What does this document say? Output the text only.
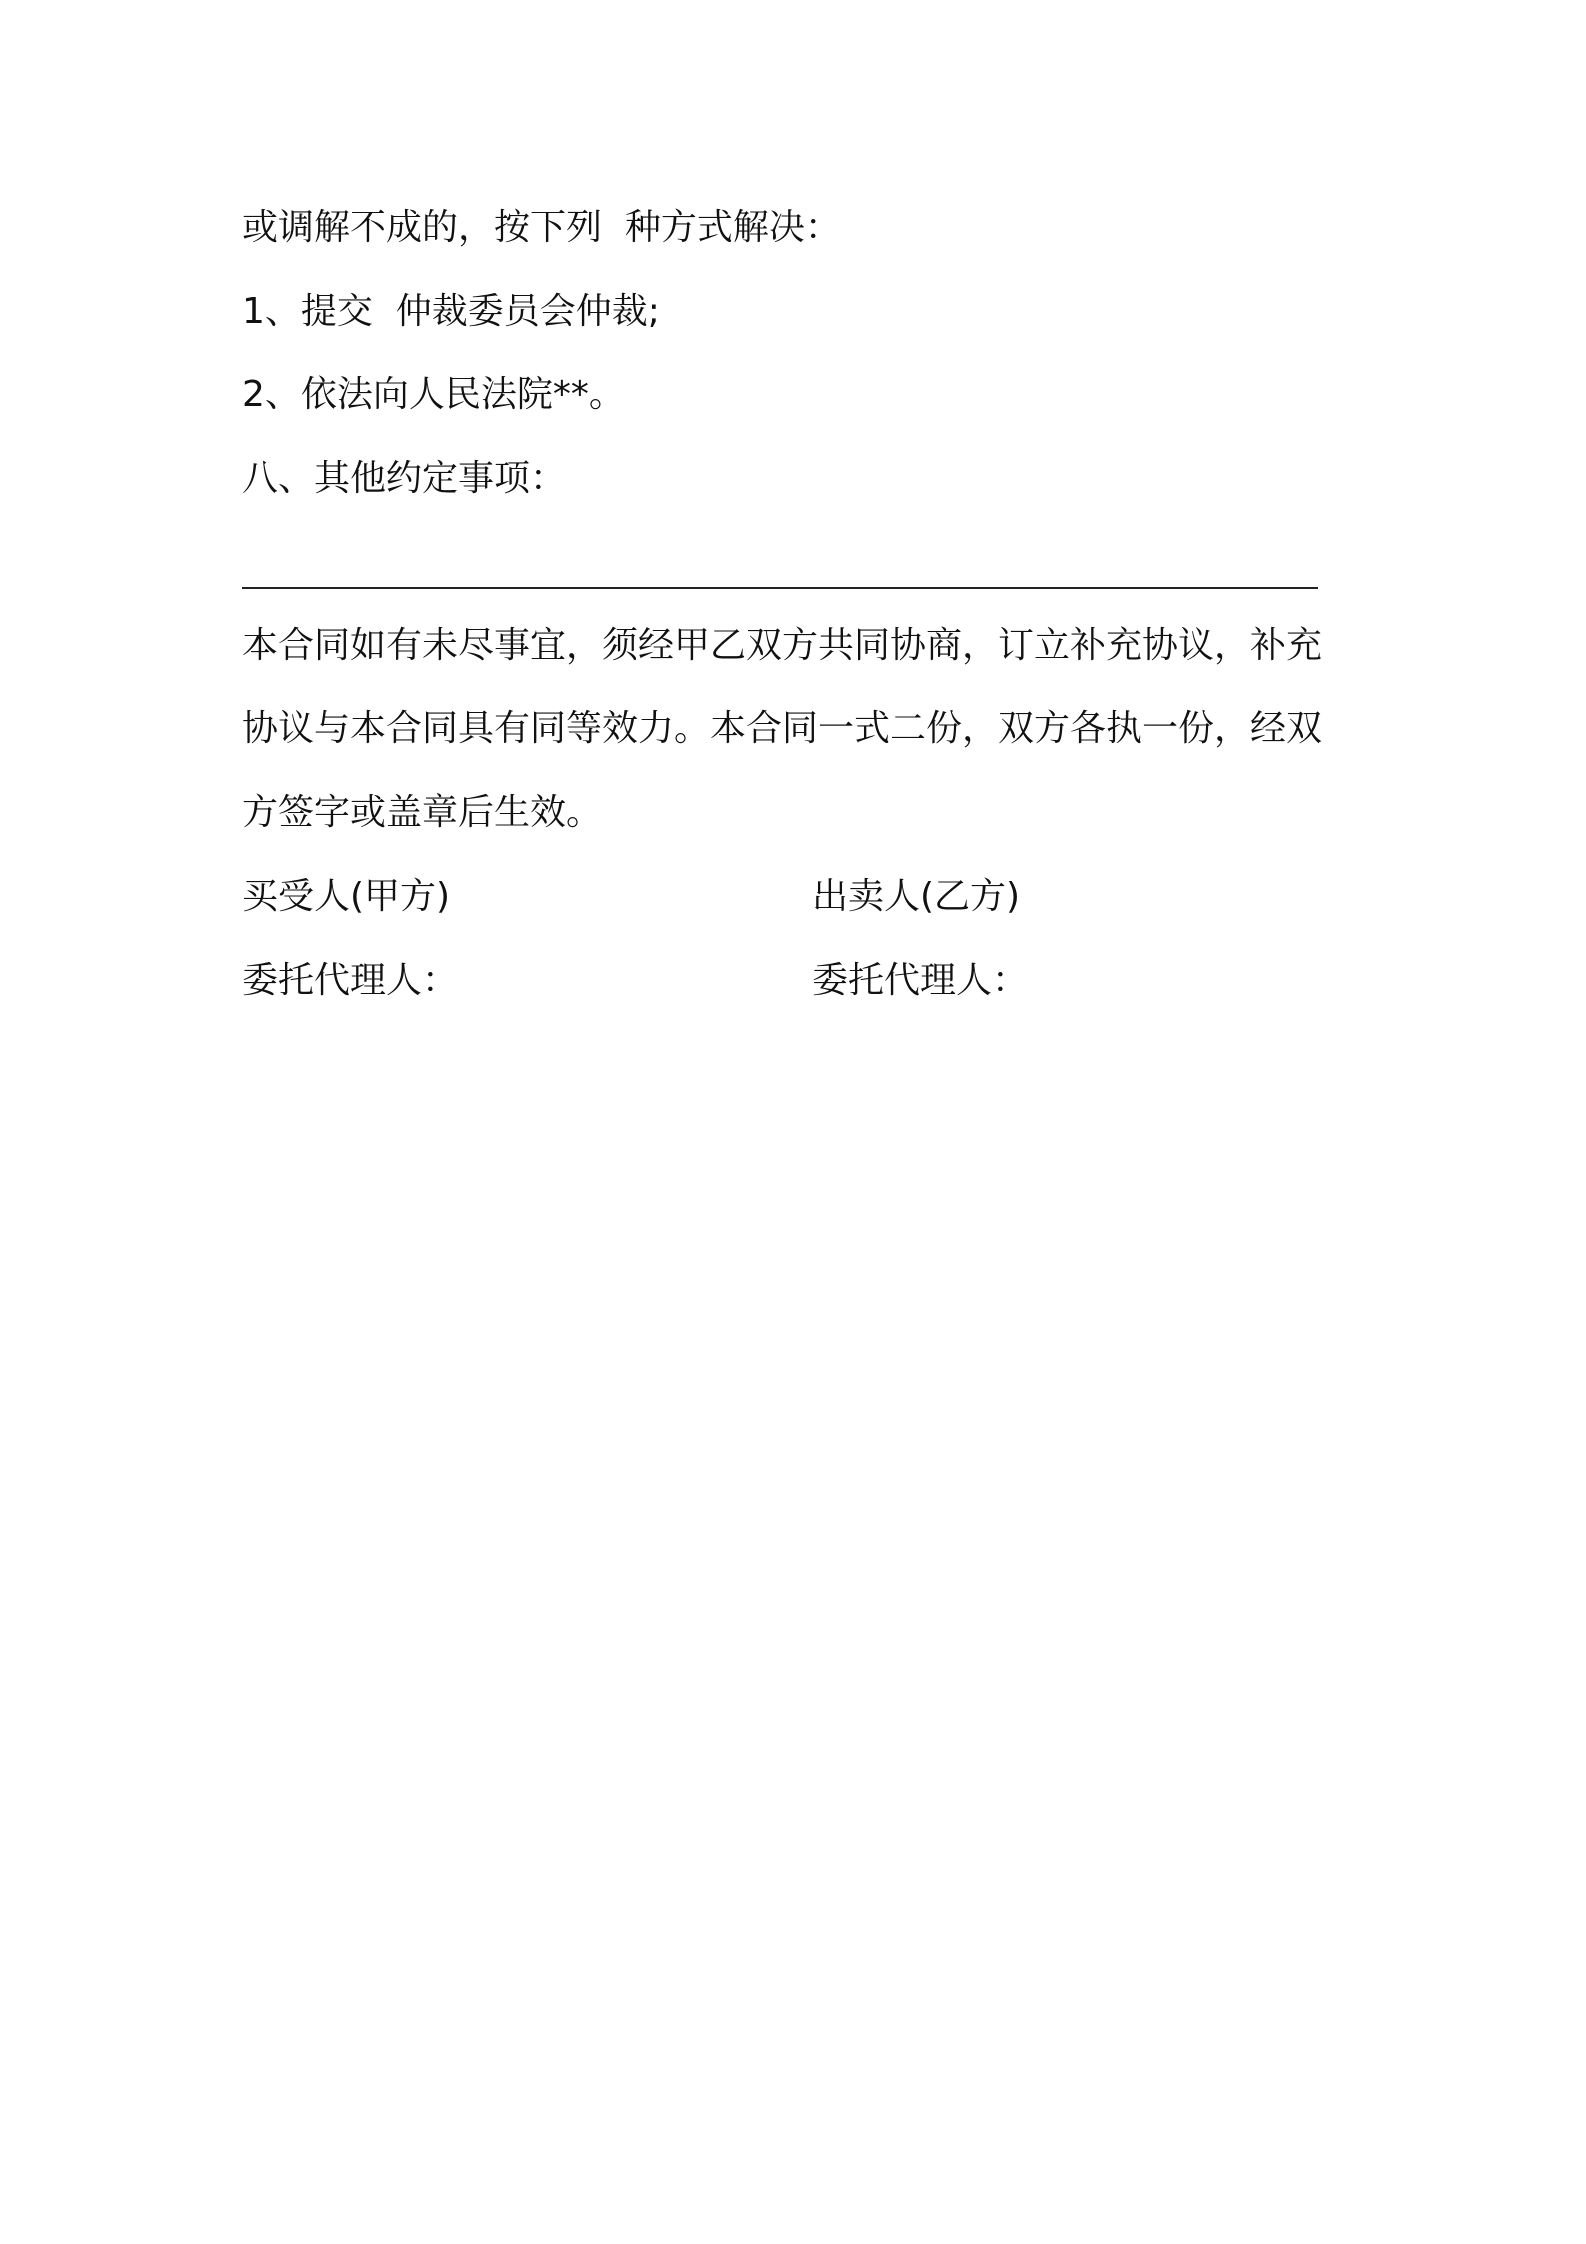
或调解不成的，按下列  种方式解决：
1、提交  仲裁委员会仲裁;
2、依法向人民法院**。
八、其他约定事项：
本合同如有未尽事宜，须经甲乙双方共同协商，订立补充协议，补充
协议与本合同具有同等效力。本合同一式二份，双方各执一份，经双
方签字或盖章后生效。
买受人(甲方)	出卖人(乙方)
委托代理人：	委托代理人：
